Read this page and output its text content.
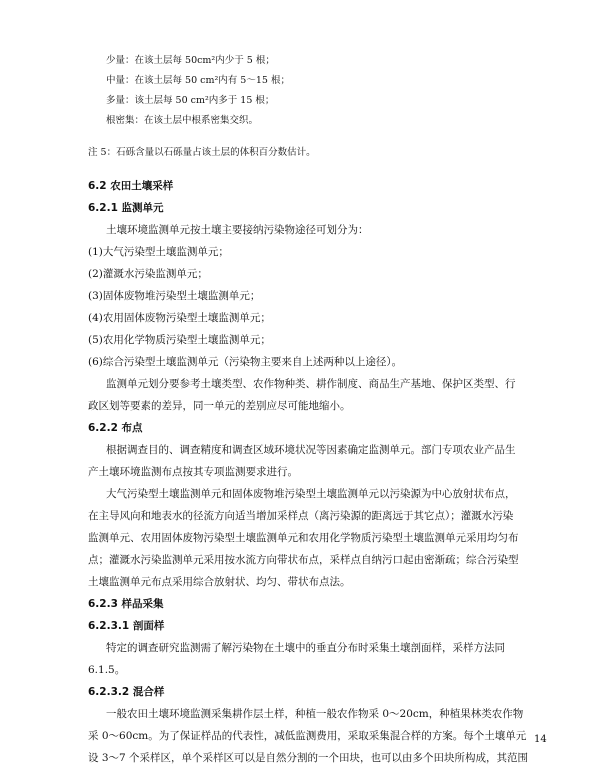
少量：在该土层每 50cm²内少于 5 根；
中量：在该土层每 50 cm²内有 5～15 根；
多量：该土层每 50 cm²内多于 15 根；
根密集：在该土层中根系密集交织。
注 5：石砾含量以石砾量占该土层的体积百分数估计。
6.2 农田土壤采样
6.2.1 监测单元
土壤环境监测单元按土壤主要接纳污染物途径可划分为：
(1)大气污染型土壤监测单元；
(2)灌溉水污染监测单元；
(3)固体废物堆污染型土壤监测单元；
(4)农用固体废物污染型土壤监测单元；
(5)农用化学物质污染型土壤监测单元；
(6)综合污染型土壤监测单元（污染物主要来自上述两种以上途径）。
监测单元划分要参考土壤类型、农作物种类、耕作制度、商品生产基地、保护区类型、行
政区划等要素的差异，同一单元的差别应尽可能地缩小。
6.2.2 布点
根据调查目的、调查精度和调查区域环境状况等因素确定监测单元。部门专项农业产品生
产土壤环境监测布点按其专项监测要求进行。
大气污染型土壤监测单元和固体废物堆污染型土壤监测单元以污染源为中心放射状布点，
在主导风向和地表水的径流方向适当增加采样点（离污染源的距离远于其它点）；灌溉水污染
监测单元、农用固体废物污染型土壤监测单元和农用化学物质污染型土壤监测单元采用均匀布
点；灌溉水污染监测单元采用按水流方向带状布点，采样点自纳污口起由密渐疏；综合污染型
土壤监测单元布点采用综合放射状、均匀、带状布点法。
6.2.3 样品采集
6.2.3.1 剖面样
特定的调查研究监测需了解污染物在土壤中的垂直分布时采集土壤剖面样，采样方法同
6.1.5。
6.2.3.2 混合样
一般农田土壤环境监测采集耕作层土样，种植一般农作物采 0～20cm，种植果林类农作物
采 0～60cm。为了保证样品的代表性，减低监测费用，采取采集混合样的方案。每个土壤单元
设 3～7 个采样区，单个采样区可以是自然分割的一个田块，也可以由多个田块所构成，其范围
14
